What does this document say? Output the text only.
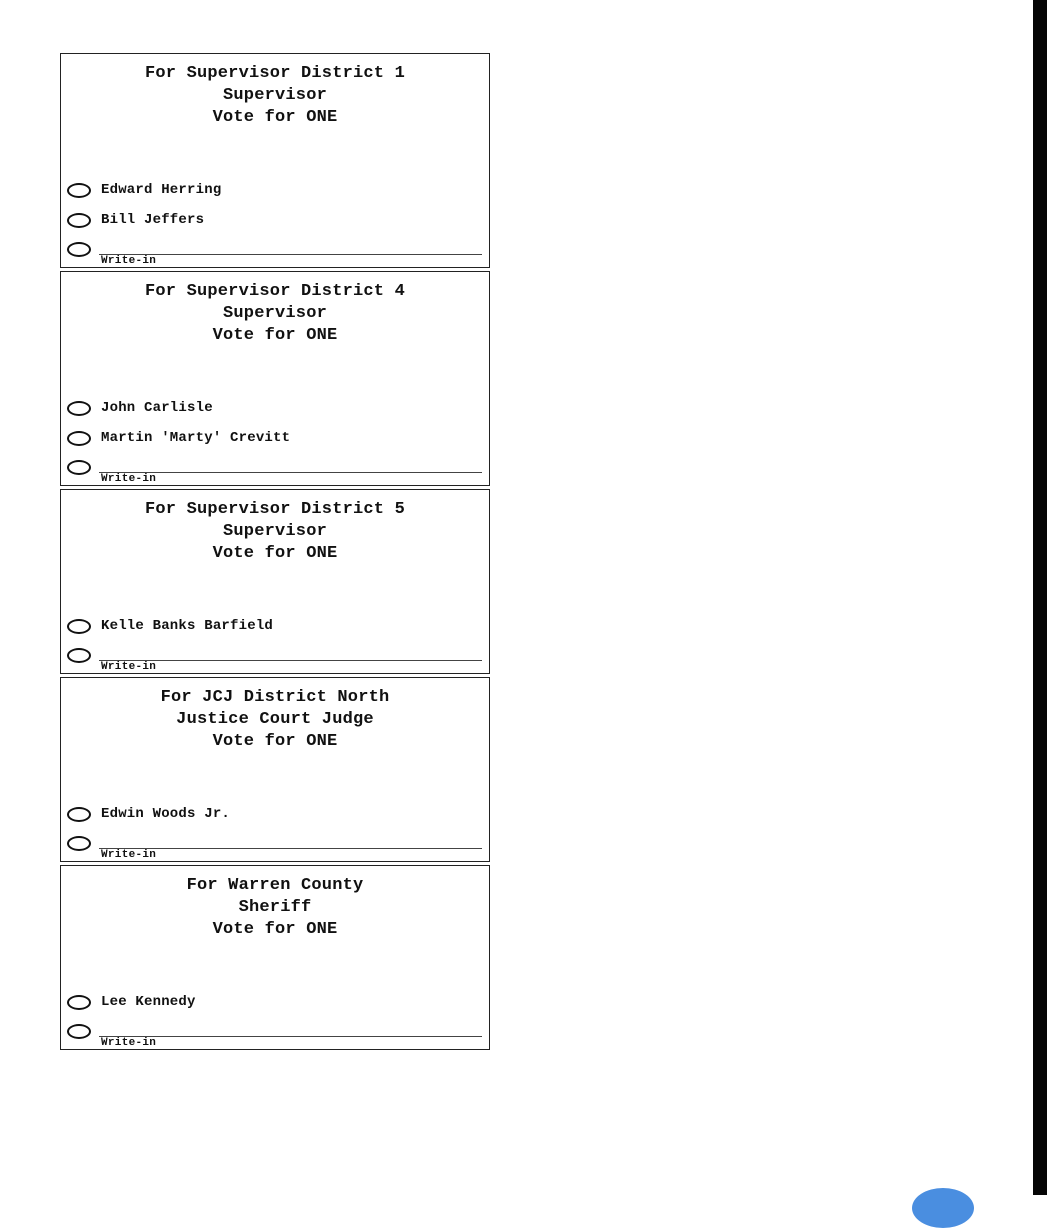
For Supervisor District 1
Supervisor
Vote for ONE
Edward Herring
Bill Jeffers
Write-in
For Supervisor District 4
Supervisor
Vote for ONE
John Carlisle
Martin 'Marty' Crevitt
Write-in
For Supervisor District 5
Supervisor
Vote for ONE
Kelle Banks Barfield
Write-in
For JCJ District North
Justice Court Judge
Vote for ONE
Edwin Woods Jr.
Write-in
For Warren County
Sheriff
Vote for ONE
Lee Kennedy
Write-in
